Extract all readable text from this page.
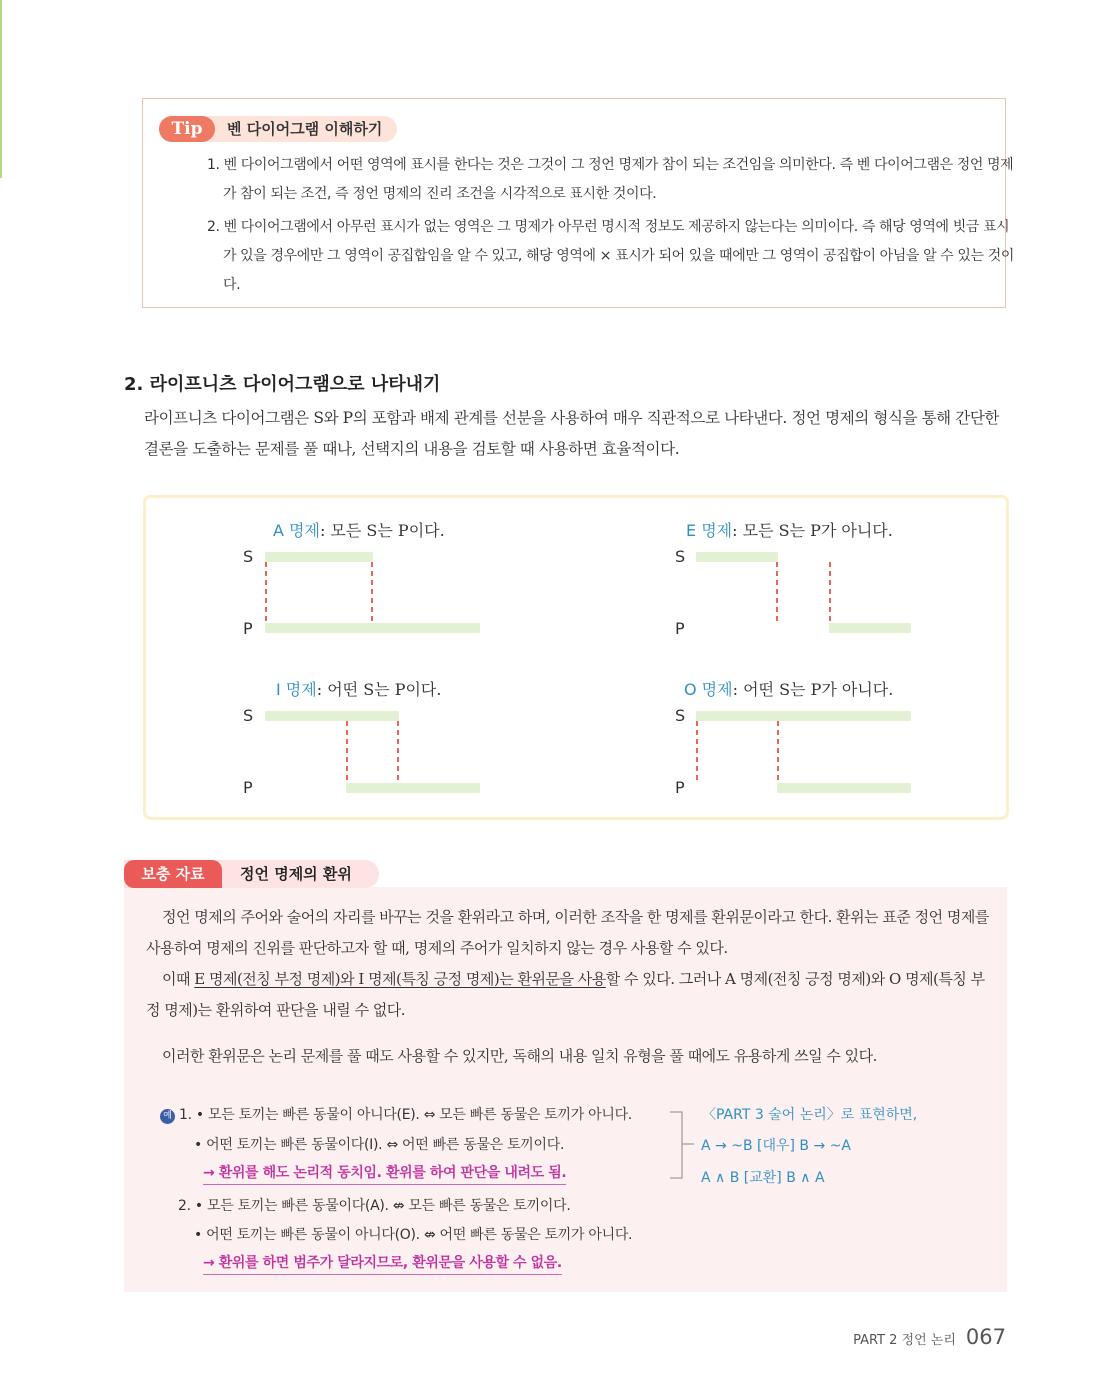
Tip	벤 다이어그램 이해하기
1. 벤 다이어그램에서 어떤 영역에 표시를 한다는 것은 그것이 그 정언 명제가 참이 되는 조건임을 의미한다. 즉 벤 다이어그램은 정언 명제가 참이 되는 조건, 즉 정언 명제의 진리 조건을 시각적으로 표시한 것이다.
2. 벤 다이어그램에서 아무런 표시가 없는 영역은 그 명제가 아무런 명시적 정보도 제공하지 않는다는 의미이다. 즉 해당 영역에 빗금 표시가 있을 경우에만 그 영역이 공집합임을 알 수 있고, 해당 영역에 × 표시가 되어 있을 때에만 그 영역이 공집합이 아님을 알 수 있는 것이다.
2. 라이프니츠 다이어그램으로 나타내기
라이프니츠 다이어그램은 S와 P의 포함과 배제 관계를 선분을 사용하여 매우 직관적으로 나타낸다. 정언 명제의 형식을 통해 간단한 결론을 도출하는 문제를 풀 때나, 선택지의 내용을 검토할 때 사용하면 효율적이다.
A 명제: 모든 S는 P이다.	E 명제: 모든 S는 P가 아니다.
I 명제: 어떤 S는 P이다.	O 명제: 어떤 S는 P가 아니다.
S
P
S
P
S
P
S
P
보충 자료	정언 명제의 환위
정언 명제의 주어와 술어의 자리를 바꾸는 것을 환위라고 하며, 이러한 조작을 한 명제를 환위문이라고 한다. 환위는 표준 정언 명제를 사용하여 명제의 진위를 판단하고자 할 때, 명제의 주어가 일치하지 않는 경우 사용할 수 있다.
이때 E 명제(전칭 부정 명제)와 I 명제(특칭 긍정 명제)는 환위문을 사용할 수 있다. 그러나 A 명제(전칭 긍정 명제)와 O 명제(특칭 부정 명제)는 환위하여 판단을 내릴 수 없다.
이러한 환위문은 논리 문제를 풀 때도 사용할 수 있지만, 독해의 내용 일치 유형을 풀 때에도 유용하게 쓰일 수 있다.
예 1. • 모든 토끼는 빠른 동물이 아니다(E). ⇔ 모든 빠른 동물은 토끼가 아니다.
• 어떤 토끼는 빠른 동물이다(I). ⇔ 어떤 빠른 동물은 토끼이다.
→ 환위를 해도 논리적 동치임. 환위를 하여 판단을 내려도 됨.
2. • 모든 토끼는 빠른 동물이다(A). ⇎ 모든 빠른 동물은 토끼이다.
• 어떤 토끼는 빠른 동물이 아니다(O). ⇎ 어떤 빠른 동물은 토끼가 아니다.
→ 환위를 하면 범주가 달라지므로, 환위문을 사용할 수 없음.
〈PART 3 술어 논리〉로 표현하면,
A → ~B [대우] B → ~A
A ∧ B [교환] B ∧ A
PART 2 정언 논리 067
